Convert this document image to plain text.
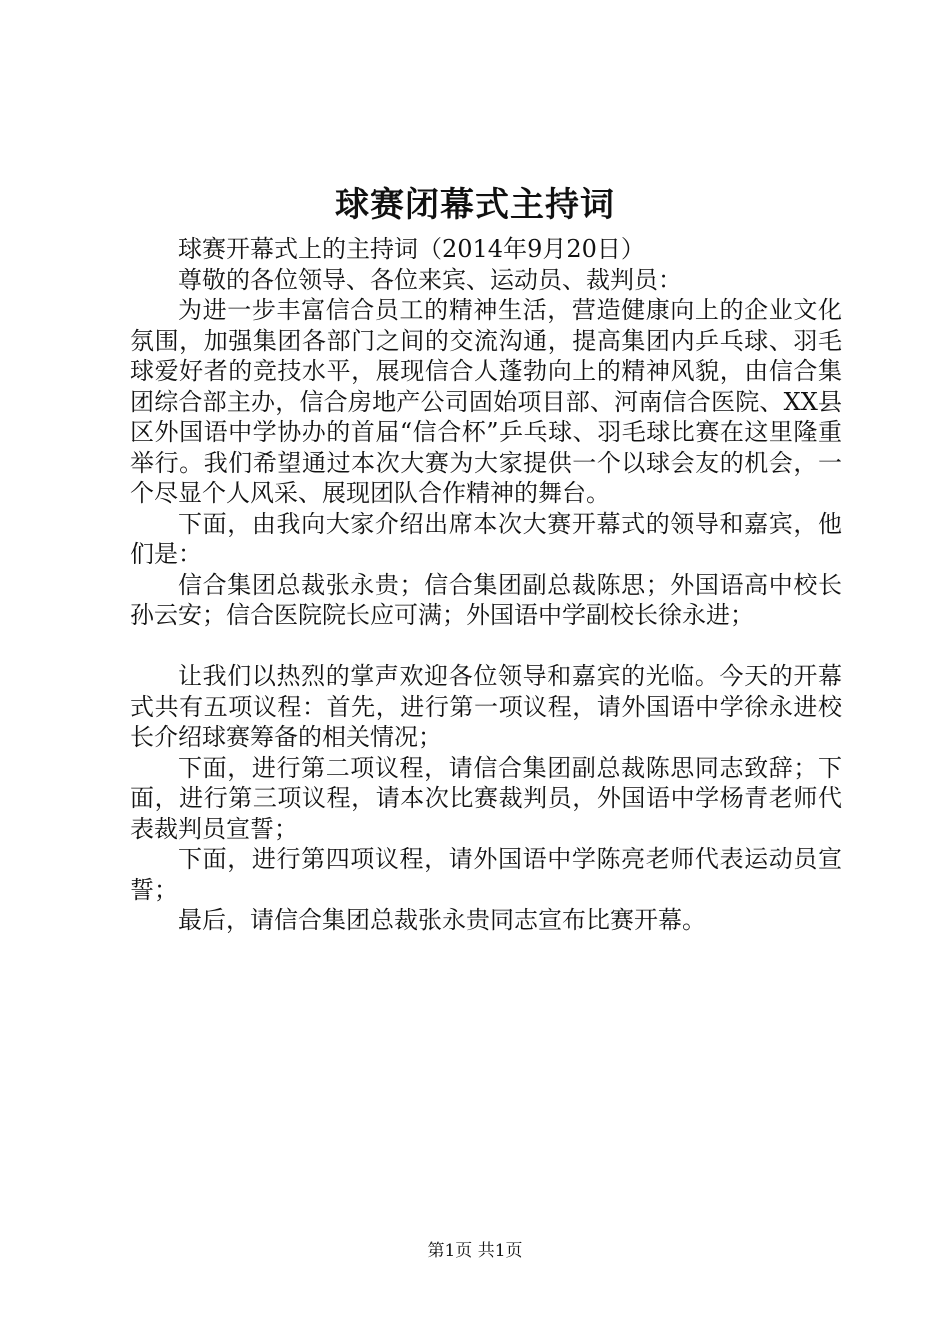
球赛闭幕式主持词

球赛开幕式上的主持词（2014年9月20日）

尊敬的各位领导、各位来宾、运动员、裁判员：

为进一步丰富信合员工的精神生活，营造健康向上的企业文化氛围，加强集团各部门之间的交流沟通，提高集团内乒乓球、羽毛球爱好者的竞技水平，展现信合人蓬勃向上的精神风貌，由信合集团综合部主办，信合房地产公司固始项目部、河南信合医院、XX县区外国语中学协办的首届“信合杯”乒乓球、羽毛球比赛在这里隆重举行。我们希望通过本次大赛为大家提供一个以球会友的机会，一个尽显个人风采、展现团队合作精神的舞台。

下面，由我向大家介绍出席本次大赛开幕式的领导和嘉宾，他们是：

信合集团总裁张永贵；信合集团副总裁陈思；外国语高中校长孙云安；信合医院院长应可满；外国语中学副校长徐永进；

让我们以热烈的掌声欢迎各位领导和嘉宾的光临。今天的开幕式共有五项议程：首先，进行第一项议程，请外国语中学徐永进校长介绍球赛筹备的相关情况；

下面，进行第二项议程，请信合集团副总裁陈思同志致辞；下面，进行第三项议程，请本次比赛裁判员，外国语中学杨青老师代表裁判员宣誓；

下面，进行第四项议程，请外国语中学陈亮老师代表运动员宣誓；

最后，请信合集团总裁张永贵同志宣布比赛开幕。

第1页 共1页
